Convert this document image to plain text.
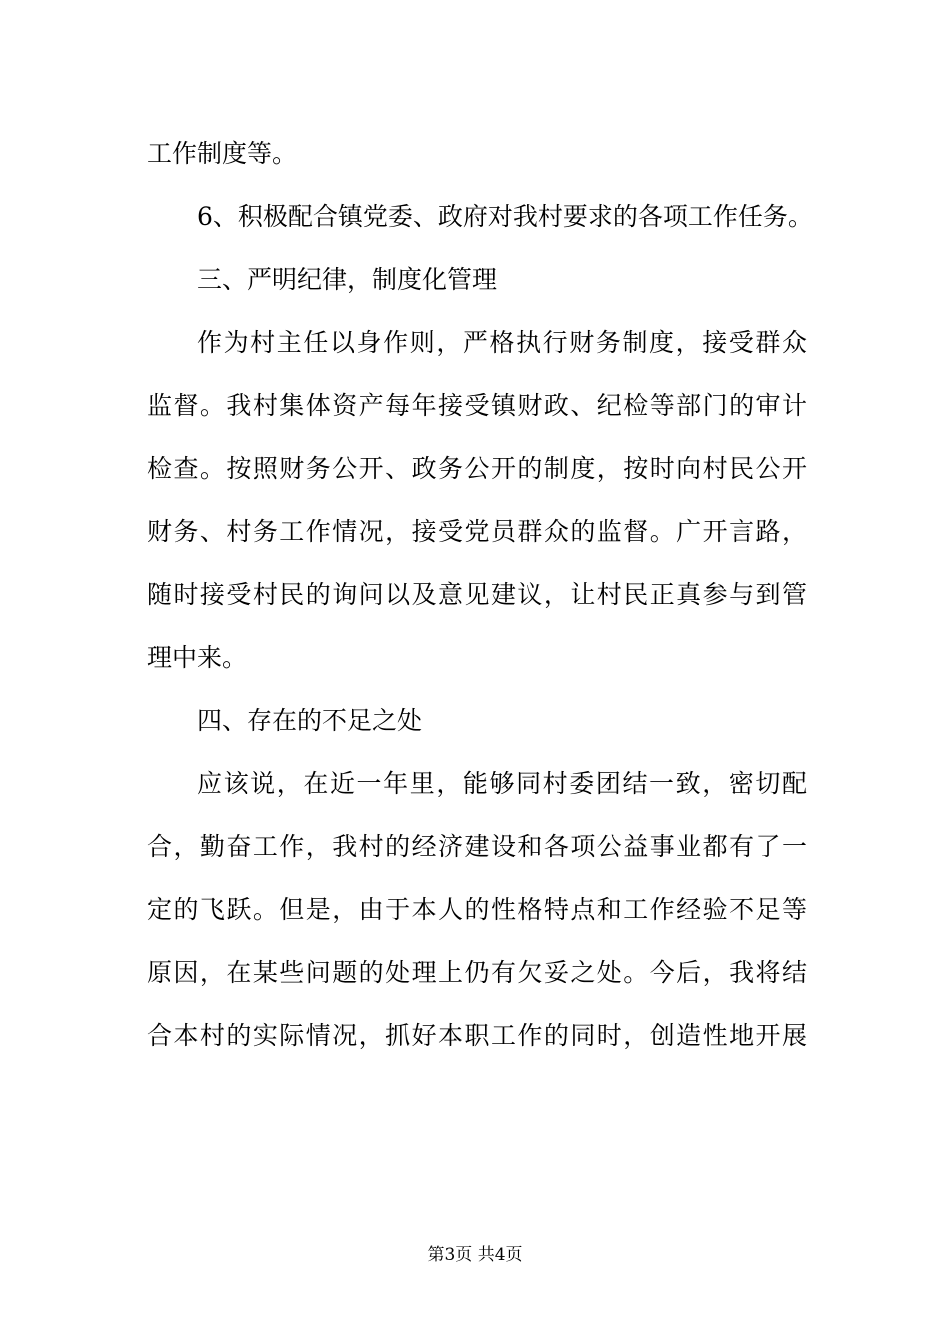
工作制度等。
6、积极配合镇党委、政府对我村要求的各项工作任务。
三、严明纪律，制度化管理
作为村主任以身作则，严格执行财务制度，接受群众
监督。我村集体资产每年接受镇财政、纪检等部门的审计
检查。按照财务公开、政务公开的制度，按时向村民公开
财务、村务工作情况，接受党员群众的监督。广开言路，
随时接受村民的询问以及意见建议，让村民正真参与到管
理中来。
四、存在的不足之处
应该说，在近一年里，能够同村委团结一致，密切配
合，勤奋工作，我村的经济建设和各项公益事业都有了一
定的飞跃。但是，由于本人的性格特点和工作经验不足等
原因，在某些问题的处理上仍有欠妥之处。今后，我将结
合本村的实际情况，抓好本职工作的同时，创造性地开展
第3页 共4页
